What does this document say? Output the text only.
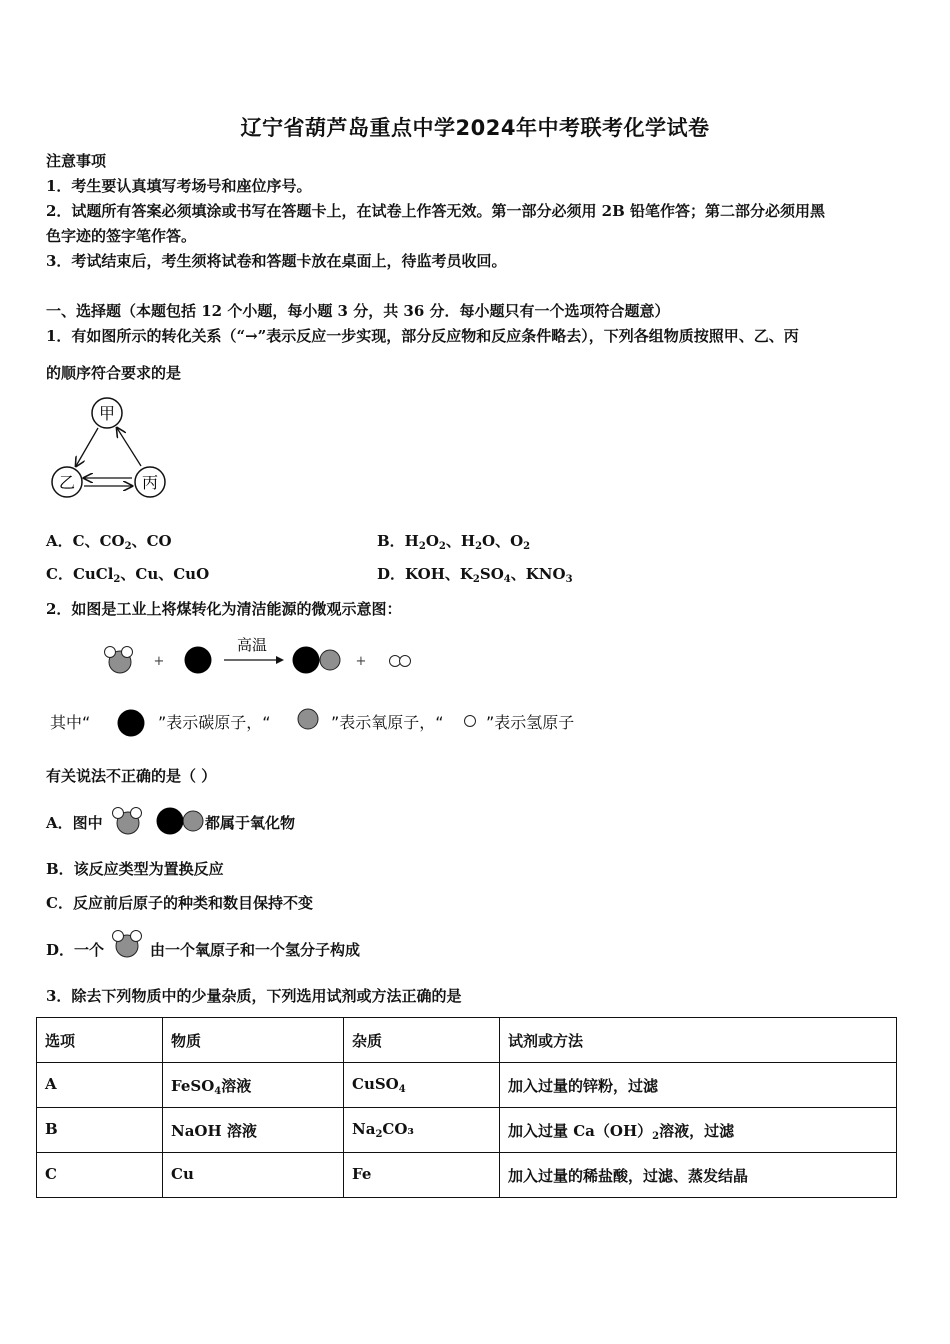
辽宁省葫芦岛重点中学2024年中考联考化学试卷
注意事项
1．考生要认真填写考场号和座位序号。
2．试题所有答案必须填涂或书写在答题卡上，在试卷上作答无效。第一部分必须用 2B 铅笔作答；第二部分必须用黑
色字迹的签字笔作答。
3．考试结束后，考生须将试卷和答题卡放在桌面上，待监考员收回。
一、选择题（本题包括 12 个小题，每小题 3 分，共 36 分．每小题只有一个选项符合题意）
1．有如图所示的转化关系（“→”表示反应一步实现，部分反应物和反应条件略去），下列各组物质按照甲、乙、丙
的顺序符合要求的是
甲
乙	丙
A．C、$CO_2$、CO	B．$H_2O_2$、$H_2O$、$O_2$
C．CuCl$_2$、Cu、CuO	D．KOH、$K_2SO_4$、$KNO_3$
2．如图是工业上将煤转化为清洁能源的微观示意图：
+
高温
+
其中“	”表示碳原子，“	”表示氧原子，“	”表示氢原子
有关说法不正确的是（ ）
A．图中	都属于氧化物
B．该反应类型为置换反应
C．反应前后原子的种类和数目保持不变
D．一个	由一个氧原子和一个氢分子构成
3．除去下列物质中的少量杂质，下列选用试剂或方法正确的是
选项	物质	杂质	试剂或方法
A	FeSO$_4$溶液	CuSO$_4$	加入过量的锌粉，过滤
B	NaOH 溶液	$Na_2CO_3$	加入过量 $Ca(OH)_2$溶液，过滤
C	Cu	Fe	加入过量的稀盐酸，过滤、蒸发结晶
